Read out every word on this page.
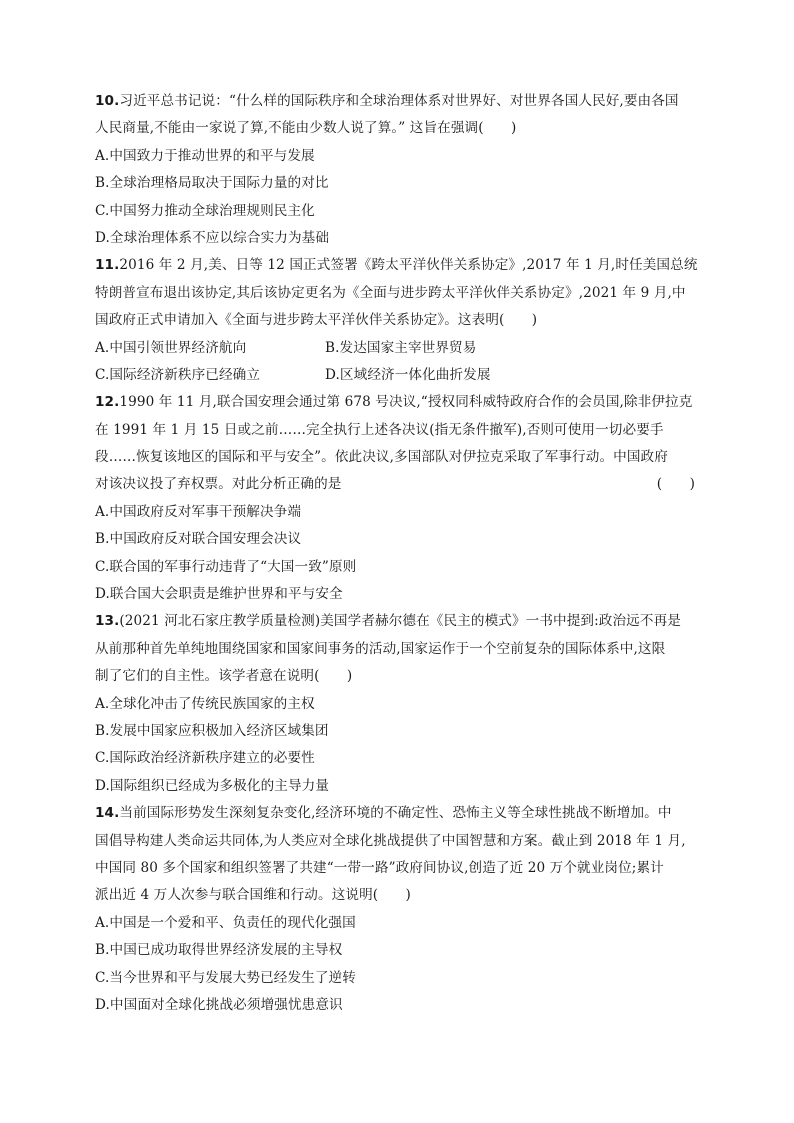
10.习近平总书记说：“什么样的国际秩序和全球治理体系对世界好、对世界各国人民好,要由各国
人民商量,不能由一家说了算,不能由少数人说了算。” 这旨在强调(　　)
A.中国致力于推动世界的和平与发展
B.全球治理格局取决于国际力量的对比
C.中国努力推动全球治理规则民主化
D.全球治理体系不应以综合实力为基础
11.2016 年 2 月,美、日等 12 国正式签署《跨太平洋伙伴关系协定》,2017 年 1 月,时任美国总统
特朗普宣布退出该协定,其后该协定更名为《全面与进步跨太平洋伙伴关系协定》,2021 年 9 月,中
国政府正式申请加入《全面与进步跨太平洋伙伴关系协定》。这表明(　　)
A.中国引领世界经济航向	B.发达国家主宰世界贸易
C.国际经济新秩序已经确立	D.区域经济一体化曲折发展
12.1990 年 11 月,联合国安理会通过第 678 号决议,“授权同科威特政府合作的会员国,除非伊拉克
在 1991 年 1 月 15 日或之前……完全执行上述各决议(指无条件撤军),否则可使用一切必要手
段……恢复该地区的国际和平与安全”。依此决议,多国部队对伊拉克采取了军事行动。中国政府
对该决议投了弃权票。对此分析正确的是	(　　)
A.中国政府反对军事干预解决争端
B.中国政府反对联合国安理会决议
C.联合国的军事行动违背了“大国一致”原则
D.联合国大会职责是维护世界和平与安全
13.(2021 河北石家庄教学质量检测)美国学者赫尔德在《民主的模式》一书中提到:政治远不再是
从前那种首先单纯地围绕国家和国家间事务的活动,国家运作于一个空前复杂的国际体系中,这限
制了它们的自主性。该学者意在说明(　　)
A.全球化冲击了传统民族国家的主权
B.发展中国家应积极加入经济区域集团
C.国际政治经济新秩序建立的必要性
D.国际组织已经成为多极化的主导力量
14.当前国际形势发生深刻复杂变化,经济环境的不确定性、恐怖主义等全球性挑战不断增加。中
国倡导构建人类命运共同体,为人类应对全球化挑战提供了中国智慧和方案。截止到 2018 年 1 月,
中国同 80 多个国家和组织签署了共建“一带一路”政府间协议,创造了近 20 万个就业岗位;累计
派出近 4 万人次参与联合国维和行动。这说明(　　)
A.中国是一个爱和平、负责任的现代化强国
B.中国已成功取得世界经济发展的主导权
C.当今世界和平与发展大势已经发生了逆转
D.中国面对全球化挑战必须增强忧患意识
